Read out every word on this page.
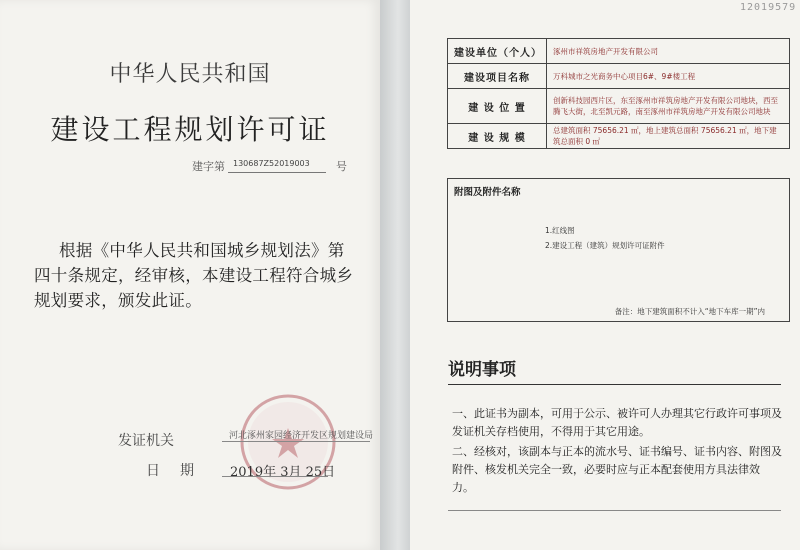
中华人民共和国
建设工程规划许可证
建字第 130687Z52019003 号
根据《中华人民共和国城乡规划法》第
四十条规定，经审核，本建设工程符合城乡
规划要求，颁发此证。
发证机关	河北涿州家园经济开发区规划建设局
日 期	2019年 3月 25日
12019579
建设单位（个人）	涿州市祥筑房地产开发有限公司
建设项目名称	万科城市之光商务中心项目6#、9#楼工程
建 设 位 置	创新科技园西片区，东至涿州市祥筑房地产开发有限公司地块，西至腾飞大街，北至凯元路，南至涿州市祥筑房地产开发有限公司地块
建 设 规 模	总建筑面积 75656.21 ㎡，地上建筑总面积 75656.21 ㎡，地下建筑总面积 0 ㎡
附图及附件名称
1.红线图
2.建设工程（建筑）规划许可证附件
备注：地下建筑面积不计入“地下车库一期”内
说明事项
一、此证书为副本，可用于公示、被许可人办理其它行政许可事项及
发证机关存档使用，不得用于其它用途。
二、经核对，该副本与正本的流水号、证书编号、证书内容、附图及
附件、核发机关完全一致，必要时应与正本配套使用方具法律效
力。
